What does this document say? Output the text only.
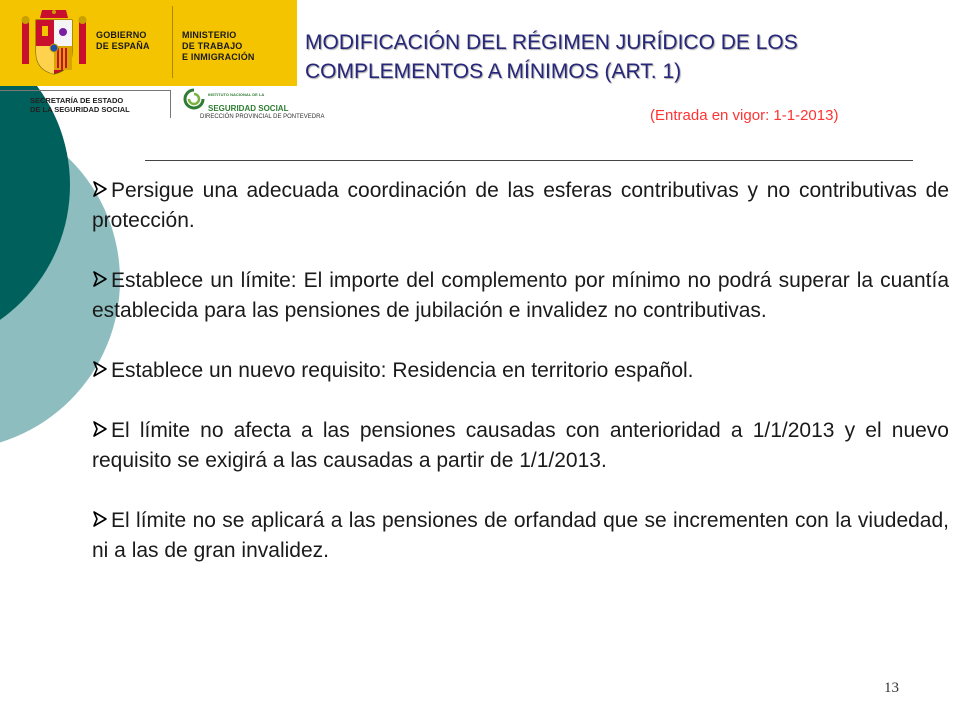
GOBIERNO
DE ESPAÑA
MINISTERIO
DE TRABAJO
E INMIGRACIÓN
SECRETARÍA DE ESTADO
DE LA SEGURIDAD SOCIAL
INSTITUTO NACIONAL DE LA
SEGURIDAD SOCIAL
DIRECCIÓN PROVINCIAL DE PONTEVEDRA
MODIFICACIÓN DEL RÉGIMEN JURÍDICO DE LOS
COMPLEMENTOS A MÍNIMOS (ART. 1)
(Entrada en vigor: 1-1-2013)

Persigue una adecuada coordinación de las esferas contributivas y no contributivas de protección.

Establece un límite: El importe del complemento por mínimo no podrá superar la cuantía establecida para las pensiones de jubilación e invalidez no contributivas.

Establece un nuevo requisito: Residencia en territorio español.

El límite no afecta a las pensiones causadas con anterioridad a 1/1/2013 y el nuevo requisito se exigirá a las causadas a partir de 1/1/2013.

El límite no se aplicará a las pensiones de orfandad que se incrementen con la viudedad, ni a las de gran invalidez.

13
